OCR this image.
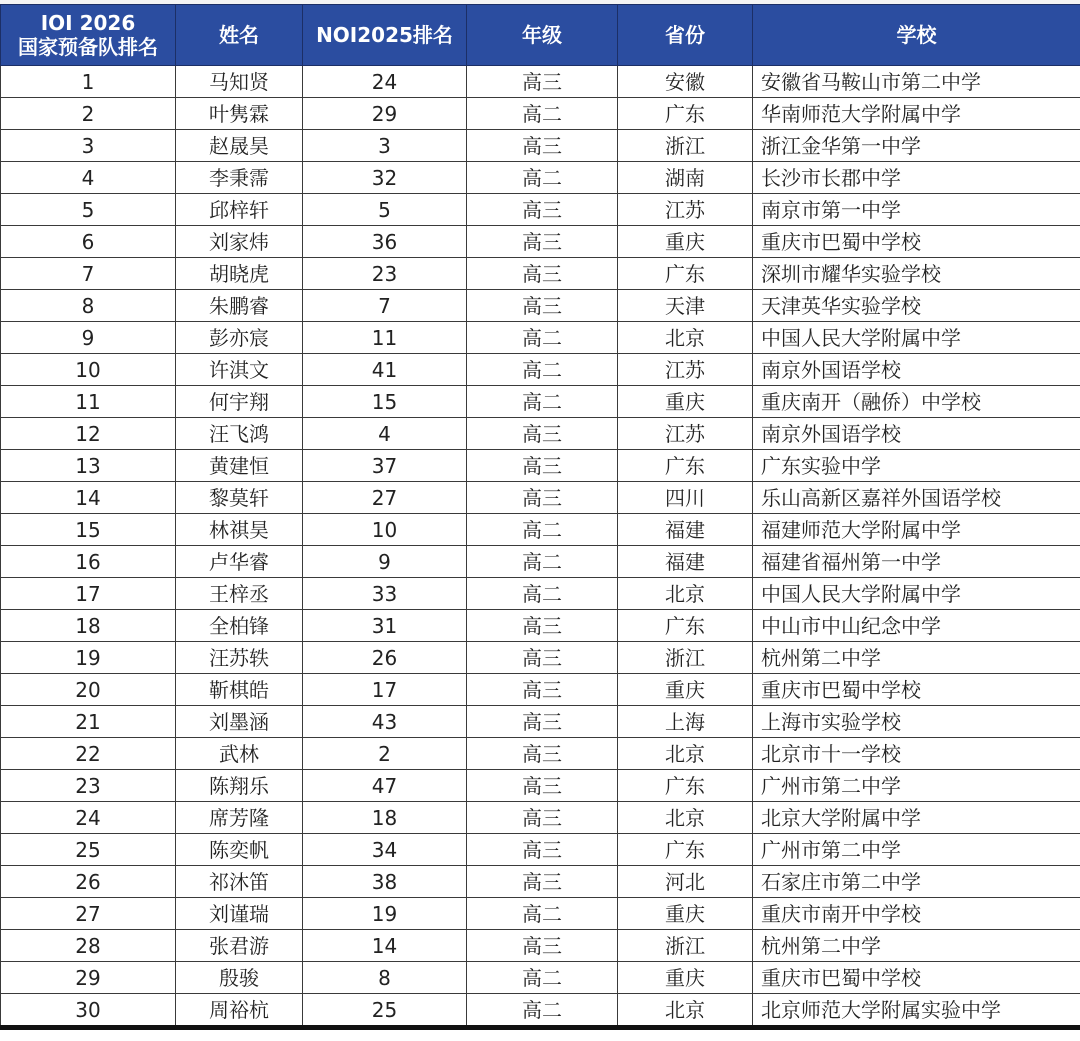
IOI 2026
国家预备队排名	姓名	NOI2025排名	年级	省份	学校
1	马知贤	24	高三	安徽	安徽省马鞍山市第二中学
2	叶隽霖	29	高二	广东	华南师范大学附属中学
3	赵晟昊	3	高三	浙江	浙江金华第一中学
4	李秉霈	32	高二	湖南	长沙市长郡中学
5	邱梓轩	5	高三	江苏	南京市第一中学
6	刘家炜	36	高三	重庆	重庆市巴蜀中学校
7	胡晓虎	23	高三	广东	深圳市耀华实验学校
8	朱鹏睿	7	高三	天津	天津英华实验学校
9	彭亦宸	11	高二	北京	中国人民大学附属中学
10	许淇文	41	高二	江苏	南京外国语学校
11	何宇翔	15	高二	重庆	重庆南开（融侨）中学校
12	汪飞鸿	4	高三	江苏	南京外国语学校
13	黄建恒	37	高三	广东	广东实验中学
14	黎莫轩	27	高三	四川	乐山高新区嘉祥外国语学校
15	林祺昊	10	高二	福建	福建师范大学附属中学
16	卢华睿	9	高二	福建	福建省福州第一中学
17	王梓丞	33	高二	北京	中国人民大学附属中学
18	全柏锋	31	高三	广东	中山市中山纪念中学
19	汪苏轶	26	高三	浙江	杭州第二中学
20	靳棋皓	17	高三	重庆	重庆市巴蜀中学校
21	刘墨涵	43	高三	上海	上海市实验学校
22	武林	2	高三	北京	北京市十一学校
23	陈翔乐	47	高三	广东	广州市第二中学
24	席芳隆	18	高三	北京	北京大学附属中学
25	陈奕帆	34	高三	广东	广州市第二中学
26	祁沐笛	38	高三	河北	石家庄市第二中学
27	刘谨瑞	19	高二	重庆	重庆市南开中学校
28	张君游	14	高三	浙江	杭州第二中学
29	殷骏	8	高二	重庆	重庆市巴蜀中学校
30	周裕杭	25	高二	北京	北京师范大学附属实验中学
